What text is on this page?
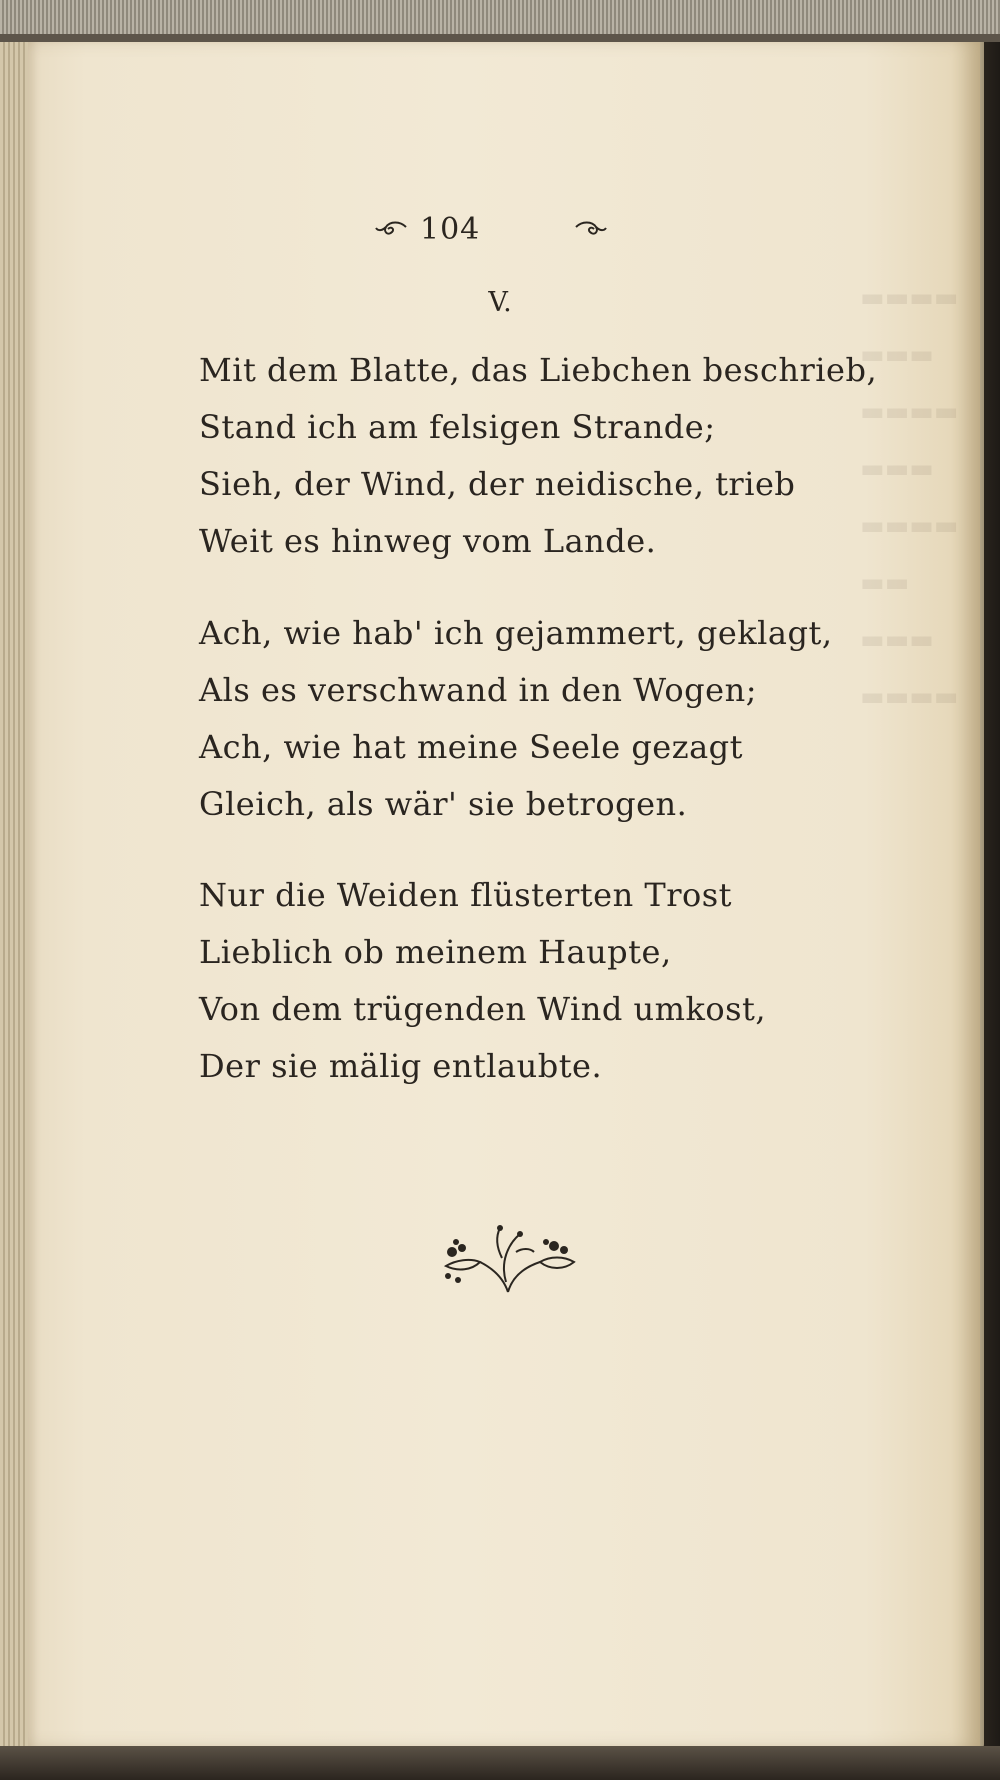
▬▬▬▬
▬▬▬
▬▬▬▬
▬▬▬
▬▬▬▬
▬▬
▬▬▬
▬▬▬▬
104
V.
Mit dem Blatte, das Liebchen beschrieb,
Stand ich am felsigen Strande;
Sieh, der Wind, der neidische, trieb
Weit es hinweg vom Lande.
Ach, wie hab' ich gejammert, geklagt,
Als es verschwand in den Wogen;
Ach, wie hat meine Seele gezagt
Gleich, als wär' sie betrogen.
Nur die Weiden flüsterten Trost
Lieblich ob meinem Haupte,
Von dem trügenden Wind umkost,
Der sie mälig entlaubte.
